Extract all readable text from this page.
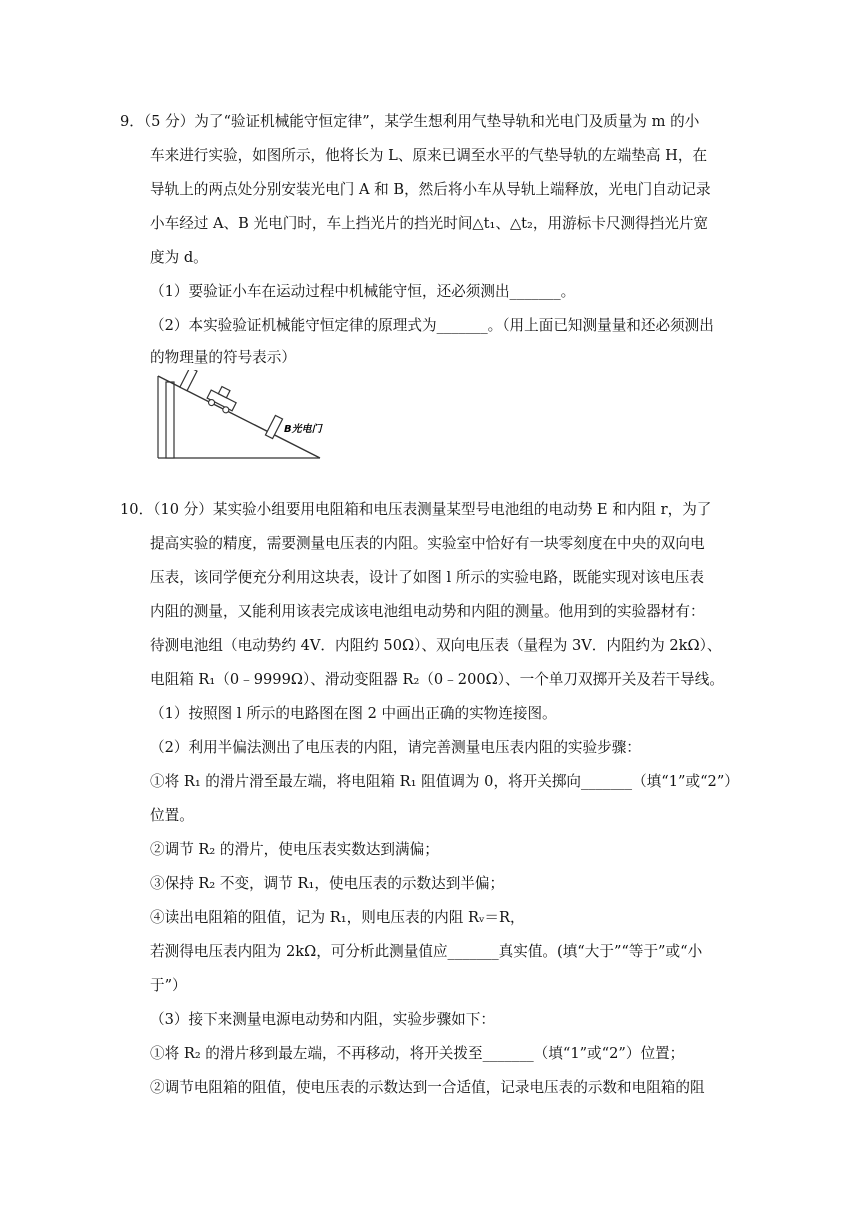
9．（5 分）为了“验证机械能守恒定律”，某学生想利用气垫导轨和光电门及质量为 m 的小
车来进行实验，如图所示，他将长为 L、原来已调至水平的气垫导轨的左端垫高 H，在
导轨上的两点处分别安装光电门 A 和 B，然后将小车从导轨上端释放，光电门自动记录
小车经过 A、B 光电门时，车上挡光片的挡光时间△t₁、△t₂，用游标卡尺测得挡光片宽
度为 d。
（1）要验证小车在运动过程中机械能守恒，还必须测出_______。
（2）本实验验证机械能守恒定律的原理式为_______。（用上面已知测量量和还必须测出
的物理量的符号表示）
B光电门
10．（10 分）某实验小组要用电阻箱和电压表测量某型号电池组的电动势 E 和内阻 r，为了
提高实验的精度，需要测量电压表的内阻。实验室中恰好有一块零刻度在中央的双向电
压表，该同学便充分利用这块表，设计了如图 l 所示的实验电路，既能实现对该电压表
内阻的测量，又能利用该表完成该电池组电动势和内阻的测量。他用到的实验器材有：
待测电池组（电动势约 4V．内阻约 50Ω）、双向电压表（量程为 3V．内阻约为 2kΩ）、
电阻箱 R₁（0﹣9999Ω）、滑动变阻器 R₂（0﹣200Ω）、一个单刀双掷开关及若干导线。
（1）按照图 l 所示的电路图在图 2 中画出正确的实物连接图。
（2）利用半偏法测出了电压表的内阻，请完善测量电压表内阻的实验步骤：
①将 R₁ 的滑片滑至最左端，将电阻箱 R₁ 阻值调为 0，将开关掷向_______（填“1”或“2”）
位置。
②调节 R₂ 的滑片，使电压表实数达到满偏；
③保持 R₂ 不变，调节 R₁，使电压表的示数达到半偏；
④读出电阻箱的阻值，记为 R₁，则电压表的内阻 Rᵥ＝R，
若测得电压表内阻为 2kΩ，可分析此测量值应_______真实值。(填“大于”“等于”或“小
于”）
（3）接下来测量电源电动势和内阻，实验步骤如下：
①将 R₂ 的滑片移到最左端，不再移动，将开关拨至_______（填“1”或“2”）位置；
②调节电阻箱的阻值，使电压表的示数达到一合适值，记录电压表的示数和电阻箱的阻
